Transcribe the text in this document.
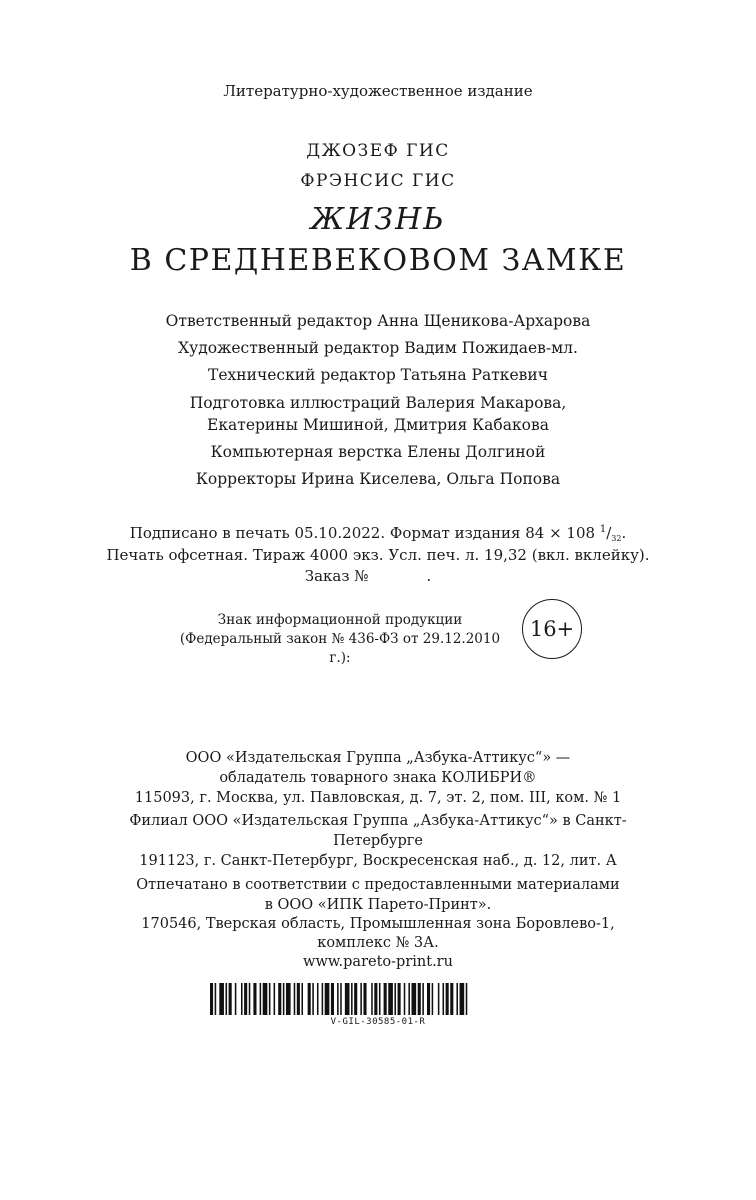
Литературно-художественное издание
ДЖОЗЕФ ГИС
ФРЭНСИС ГИС
ЖИЗНЬ
В СРЕДНЕВЕКОВОМ ЗАМКЕ
Ответственный редактор Анна Щеникова-Архарова
Художественный редактор Вадим Пожидаев-мл.
Технический редактор Татьяна Раткевич
Подготовка иллюстраций Валерия Макарова,
Екатерины Мишиной, Дмитрия Кабакова
Компьютерная верстка Елены Долгиной
Корректоры Ирина Киселева, Ольга Попова
Подписано в печать 05.10.2022. Формат издания 84 × 108 $^1/_{32}$.
Печать офсетная. Тираж 4000 экз. Усл. печ. л. 19,32 (вкл. вклейку).
Заказ №	.
Знак информационной продукции
(Федеральный закон № 436-ФЗ от 29.12.2010 г.):
16+
ООО «Издательская Группа „Азбука-Аттикус“» —
обладатель товарного знака КОЛИБРИ®
115093, г. Москва, ул. Павловская, д. 7, эт. 2, пом. III, ком. № 1
Филиал ООО «Издательская Группа „Азбука-Аттикус“» в Санкт-
Петербурге
191123, г. Санкт-Петербург, Воскресенская наб., д. 12, лит. А
Отпечатано в соответствии с предоставленными материалами
в ООО «ИПК Парето-Принт».
170546, Тверская область, Промышленная зона Боровлево-1,
комплекс № 3А.
www.pareto-print.ru
V-GIL-30585-01-R
